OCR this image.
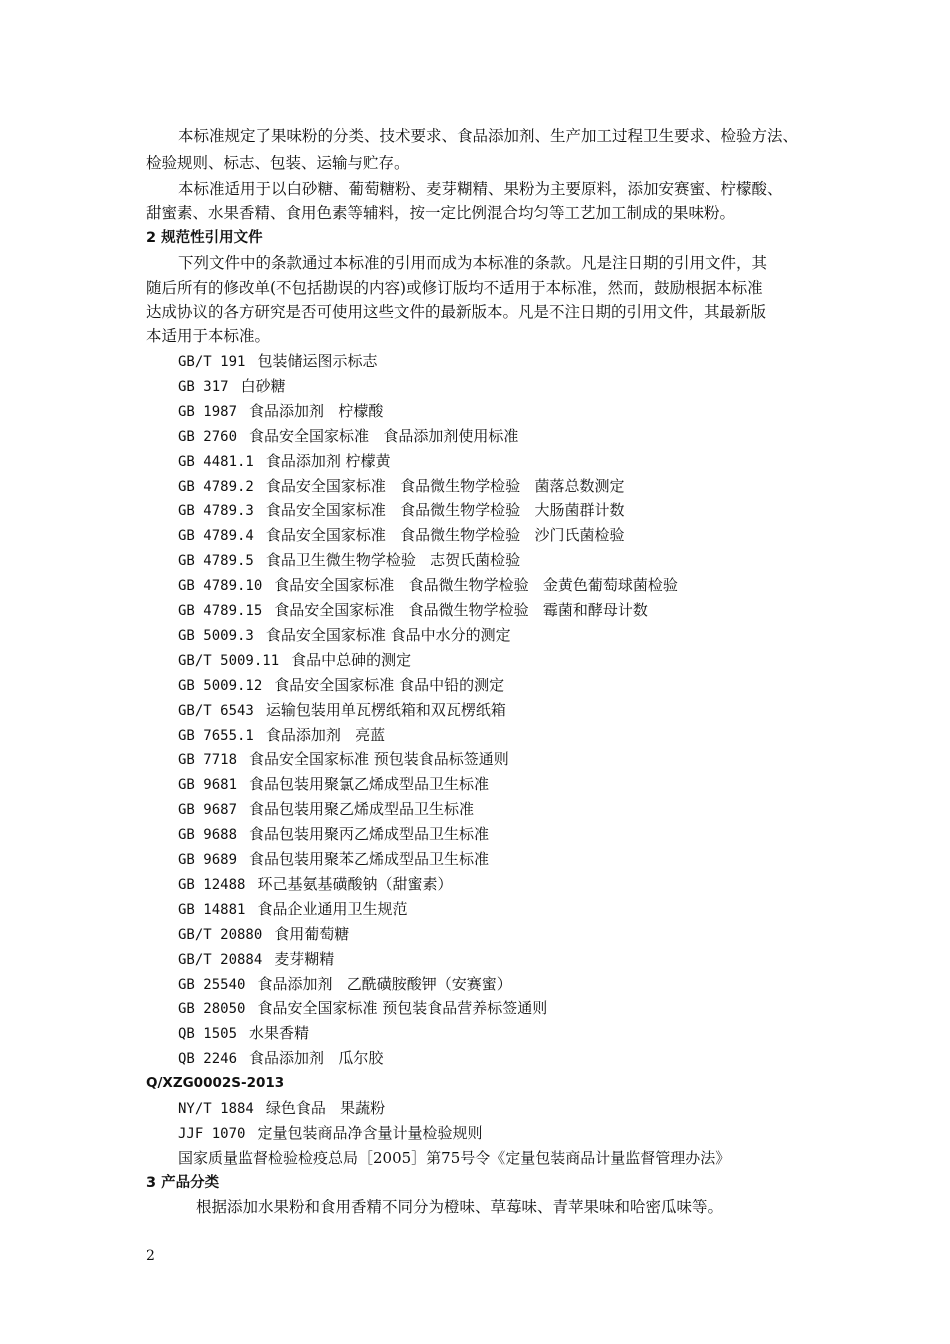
本标准规定了果味粉的分类、技术要求、食品添加剂、生产加工过程卫生要求、检验方法、
检验规则、标志、包装、运输与贮存。
本标准适用于以白砂糖、葡萄糖粉、麦芽糊精、果粉为主要原料，添加安赛蜜、柠檬酸、
甜蜜素、水果香精、食用色素等辅料，按一定比例混合均匀等工艺加工制成的果味粉。
2 规范性引用文件
下列文件中的条款通过本标准的引用而成为本标准的条款。凡是注日期的引用文件，其
随后所有的修改单(不包括勘误的内容)或修订版均不适用于本标准，然而，鼓励根据本标准
达成协议的各方研究是否可使用这些文件的最新版本。凡是不注日期的引用文件，其最新版
本适用于本标准。
GB/T 191 包装储运图示标志
GB 317 白砂糖
GB 1987 食品添加剂   柠檬酸
GB 2760 食品安全国家标准   食品添加剂使用标准
GB 4481.1 食品添加剂 柠檬黄
GB 4789.2 食品安全国家标准   食品微生物学检验   菌落总数测定
GB 4789.3 食品安全国家标准   食品微生物学检验   大肠菌群计数
GB 4789.4 食品安全国家标准   食品微生物学检验   沙门氏菌检验
GB 4789.5 食品卫生微生物学检验   志贺氏菌检验
GB 4789.10 食品安全国家标准   食品微生物学检验   金黄色葡萄球菌检验
GB 4789.15 食品安全国家标准   食品微生物学检验   霉菌和酵母计数
GB 5009.3 食品安全国家标准 食品中水分的测定
GB/T 5009.11 食品中总砷的测定
GB 5009.12 食品安全国家标准 食品中铅的测定
GB/T 6543 运输包装用单瓦楞纸箱和双瓦楞纸箱
GB 7655.1 食品添加剂   亮蓝
GB 7718 食品安全国家标准 预包装食品标签通则
GB 9681 食品包装用聚氯乙烯成型品卫生标准
GB 9687 食品包装用聚乙烯成型品卫生标准
GB 9688 食品包装用聚丙乙烯成型品卫生标准
GB 9689 食品包装用聚苯乙烯成型品卫生标准
GB 12488 环己基氨基磺酸钠（甜蜜素）
GB 14881 食品企业通用卫生规范
GB/T 20880 食用葡萄糖
GB/T 20884 麦芽糊精
GB 25540 食品添加剂   乙酰磺胺酸钾（安赛蜜）
GB 28050 食品安全国家标准 预包装食品营养标签通则
QB 1505 水果香精
QB 2246 食品添加剂   瓜尔胶
Q/XZG0002S-2013
NY/T 1884 绿色食品   果蔬粉
JJF 1070 定量包装商品净含量计量检验规则
国家质量监督检验检疫总局［2005］第75号令《定量包装商品计量监督管理办法》
3 产品分类
根据添加水果粉和食用香精不同分为橙味、草莓味、青苹果味和哈密瓜味等。
2
